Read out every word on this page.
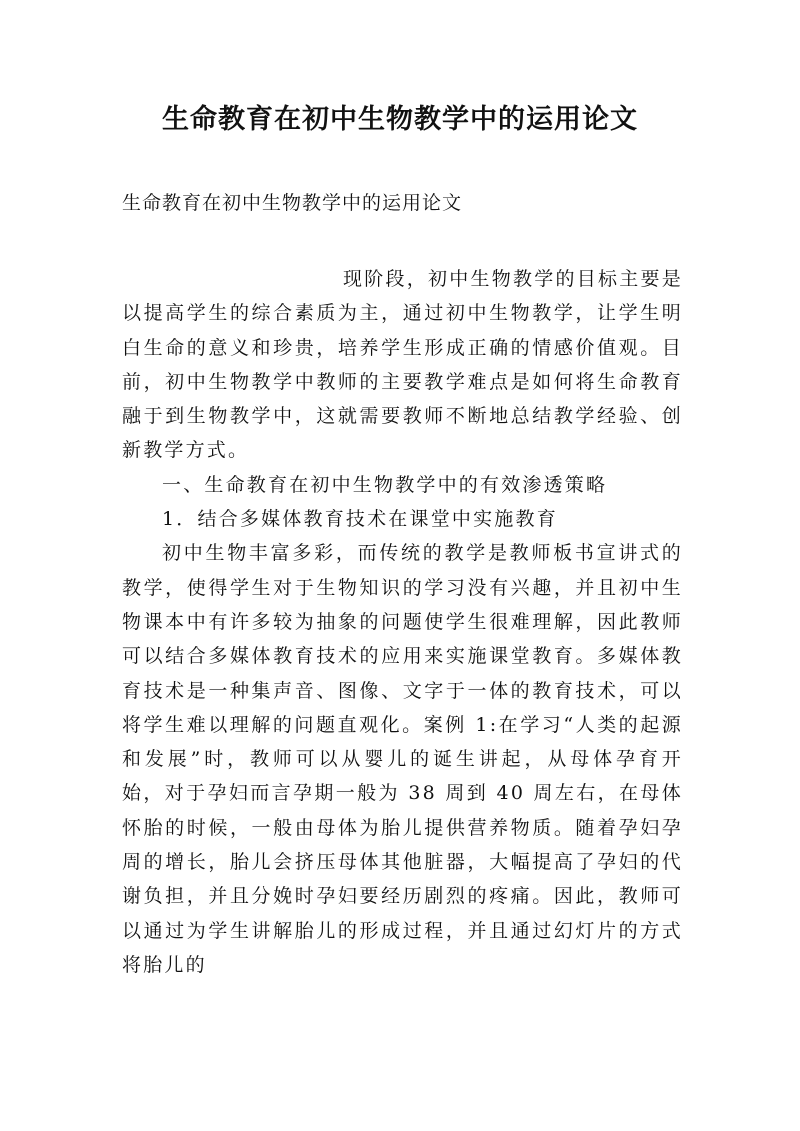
生命教育在初中生物教学中的运用论文

生命教育在初中生物教学中的运用论文

现阶段，初中生物教学的目标主要是以提高学生的综合素质为主，通过初中生物教学，让学生明白生命的意义和珍贵，培养学生形成正确的情感价值观。目前，初中生物教学中教师的主要教学难点是如何将生命教育融于到生物教学中，这就需要教师不断地总结教学经验、创新教学方式。

一、生命教育在初中生物教学中的有效渗透策略

1．结合多媒体教育技术在课堂中实施教育

初中生物丰富多彩，而传统的教学是教师板书宣讲式的教学，使得学生对于生物知识的学习没有兴趣，并且初中生物课本中有许多较为抽象的问题使学生很难理解，因此教师可以结合多媒体教育技术的应用来实施课堂教育。多媒体教育技术是一种集声音、图像、文字于一体的教育技术，可以将学生难以理解的问题直观化。案例 1:在学习“人类的起源和发展”时，教师可以从婴儿的诞生讲起，从母体孕育开始，对于孕妇而言孕期一般为 38 周到 40 周左右，在母体怀胎的时候，一般由母体为胎儿提供营养物质。随着孕妇孕周的增长，胎儿会挤压母体其他脏器，大幅提高了孕妇的代谢负担，并且分娩时孕妇要经历剧烈的疼痛。因此，教师可以通过为学生讲解胎儿的形成过程，并且通过幻灯片的方式将胎儿的
